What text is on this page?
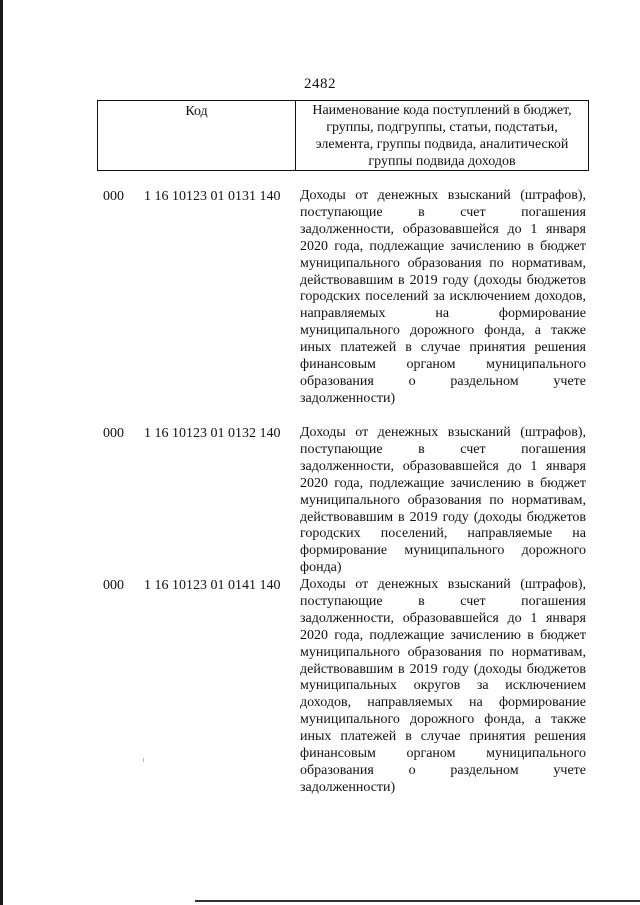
2482
Код	Наименование кода поступлений в бюджет, группы, подгруппы, статьи, подстатьи, элемента, группы подвида, аналитической группы подвида доходов
000 1 16 10123 01 0131 140 Доходы от денежных взысканий (штрафов), поступающие в счет погашения задолженности, образовавшейся до 1 января 2020 года, подлежащие зачислению в бюджет муниципального образования по нормативам, действовавшим в 2019 году (доходы бюджетов городских поселений за исключением доходов, направляемых на формирование муниципального дорожного фонда, а также иных платежей в случае принятия решения финансовым органом муниципального образования о раздельном учете задолженности)
000 1 16 10123 01 0132 140 Доходы от денежных взысканий (штрафов), поступающие в счет погашения задолженности, образовавшейся до 1 января 2020 года, подлежащие зачислению в бюджет муниципального образования по нормативам, действовавшим в 2019 году (доходы бюджетов городских поселений, направляемые на формирование муниципального дорожного фонда)
000 1 16 10123 01 0141 140 Доходы от денежных взысканий (штрафов), поступающие в счет погашения задолженности, образовавшейся до 1 января 2020 года, подлежащие зачислению в бюджет муниципального образования по нормативам, действовавшим в 2019 году (доходы бюджетов муниципальных округов за исключением доходов, направляемых на формирование муниципального дорожного фонда, а также иных платежей в случае принятия решения финансовым органом муниципального образования о раздельном учете задолженности)
